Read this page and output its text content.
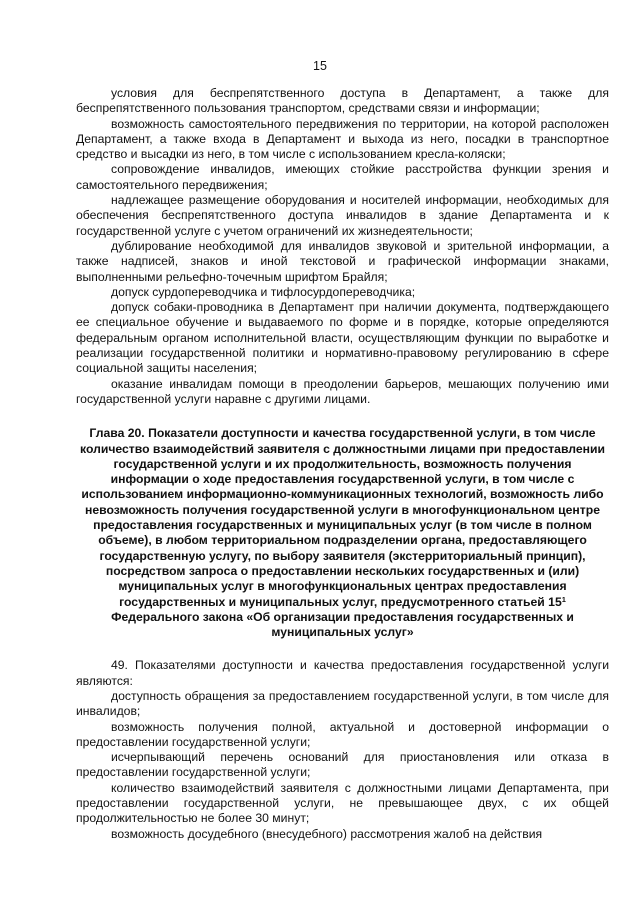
15

условия для беспрепятственного доступа в Департамент, а также для беспрепятственного пользования транспортом, средствами связи и информации;

возможность самостоятельного передвижения по территории, на которой расположен Департамент, а также входа в Департамент и выхода из него, посадки в транспортное средство и высадки из него, в том числе с использованием кресла-коляски;

сопровождение инвалидов, имеющих стойкие расстройства функции зрения и самостоятельного передвижения;

надлежащее размещение оборудования и носителей информации, необходимых для обеспечения беспрепятственного доступа инвалидов в здание Департамента и к государственной услуге с учетом ограничений их жизнедеятельности;

дублирование необходимой для инвалидов звуковой и зрительной информации, а также надписей, знаков и иной текстовой и графической информации знаками, выполненными рельефно-точечным шрифтом Брайля;

допуск сурдопереводчика и тифлосурдопереводчика;

допуск собаки-проводника в Департамент при наличии документа, подтверждающего ее специальное обучение и выдаваемого по форме и в порядке, которые определяются федеральным органом исполнительной власти, осуществляющим функции по выработке и реализации государственной политики и нормативно-правовому регулированию в сфере социальной защиты населения;

оказание инвалидам помощи в преодолении барьеров, мешающих получению ими государственной услуги наравне с другими лицами.

Глава 20. Показатели доступности и качества государственной услуги, в том числе количество взаимодействий заявителя с должностными лицами при предоставлении государственной услуги и их продолжительность, возможность получения информации о ходе предоставления государственной услуги, в том числе с использованием информационно-коммуникационных технологий, возможность либо невозможность получения государственной услуги в многофункциональном центре предоставления государственных и муниципальных услуг (в том числе в полном объеме), в любом территориальном подразделении органа, предоставляющего государственную услугу, по выбору заявителя (экстерриториальный принцип), посредством запроса о предоставлении нескольких государственных и (или) муниципальных услуг в многофункциональных центрах предоставления государственных и муниципальных услуг, предусмотренного статьей $15^1$ Федерального закона «Об организации предоставления государственных и муниципальных услуг»

49. Показателями доступности и качества предоставления государственной услуги являются:

доступность обращения за предоставлением государственной услуги, в том числе для инвалидов;

возможность получения полной, актуальной и достоверной информации о предоставлении государственной услуги;

исчерпывающий перечень оснований для приостановления или отказа в предоставлении государственной услуги;

количество взаимодействий заявителя с должностными лицами Департамента, при предоставлении государственной услуги, не превышающее двух, с их общей продолжительностью не более 30 минут;

возможность досудебного (внесудебного) рассмотрения жалоб на действия
